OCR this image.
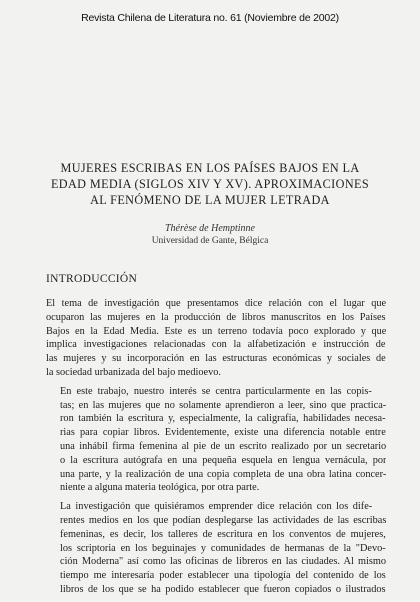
Revista Chilena de Literatura no. 61 (Noviembre de 2002)
MUJERES ESCRIBAS EN LOS PAÍSES BAJOS EN LA
EDAD MEDIA (SIGLOS XIV Y XV). APROXIMACIONES
AL FENÓMENO DE LA MUJER LETRADA
Thérèse de Hemptinne
Universidad de Gante, Bélgica
INTRODUCCIÓN

El tema de investigación que presentamos dice relación con el lugar que
ocuparon las mujeres en la producción de libros manuscritos en los Países
Bajos en la Edad Media. Este es un terreno todavía poco explorado y que
implica investigaciones relacionadas con la alfabetización e instrucción de
las mujeres y su incorporación en las estructuras económicas y sociales de
la sociedad urbanizada del bajo medioevo.

En este trabajo, nuestro interés se centra particularmente en las copis-
tas; en las mujeres que no solamente aprendieron a leer, sino que practica-
ron también la escritura y, especialmente, la caligrafía, habilidades necesa-
rias para copiar libros. Evidentemente, existe una diferencia notable entre
una inhábil firma femenina al pie de un escrito realizado por un secretario
o la escritura autógrafa en una pequeña esquela en lengua vernácula, por
una parte, y la realización de una copia completa de una obra latina concer-
niente a alguna materia teológica, por otra parte.

La investigación que quisiéramos emprender dice relación con los dife-
rentes medios en los que podían desplegarse las actividades de las escribas
femeninas, es decir, los talleres de escritura en los conventos de mujeres,
los scriptoria en los beguinajes y comunidades de hermanas de la "Devo-
ción Moderna" así como las oficinas de libreros en las ciudades. Al mismo
tiempo me interesaría poder establecer una tipología del contenido de los
libros de los que se ha podido establecer que fueron copiados o ilustrados
